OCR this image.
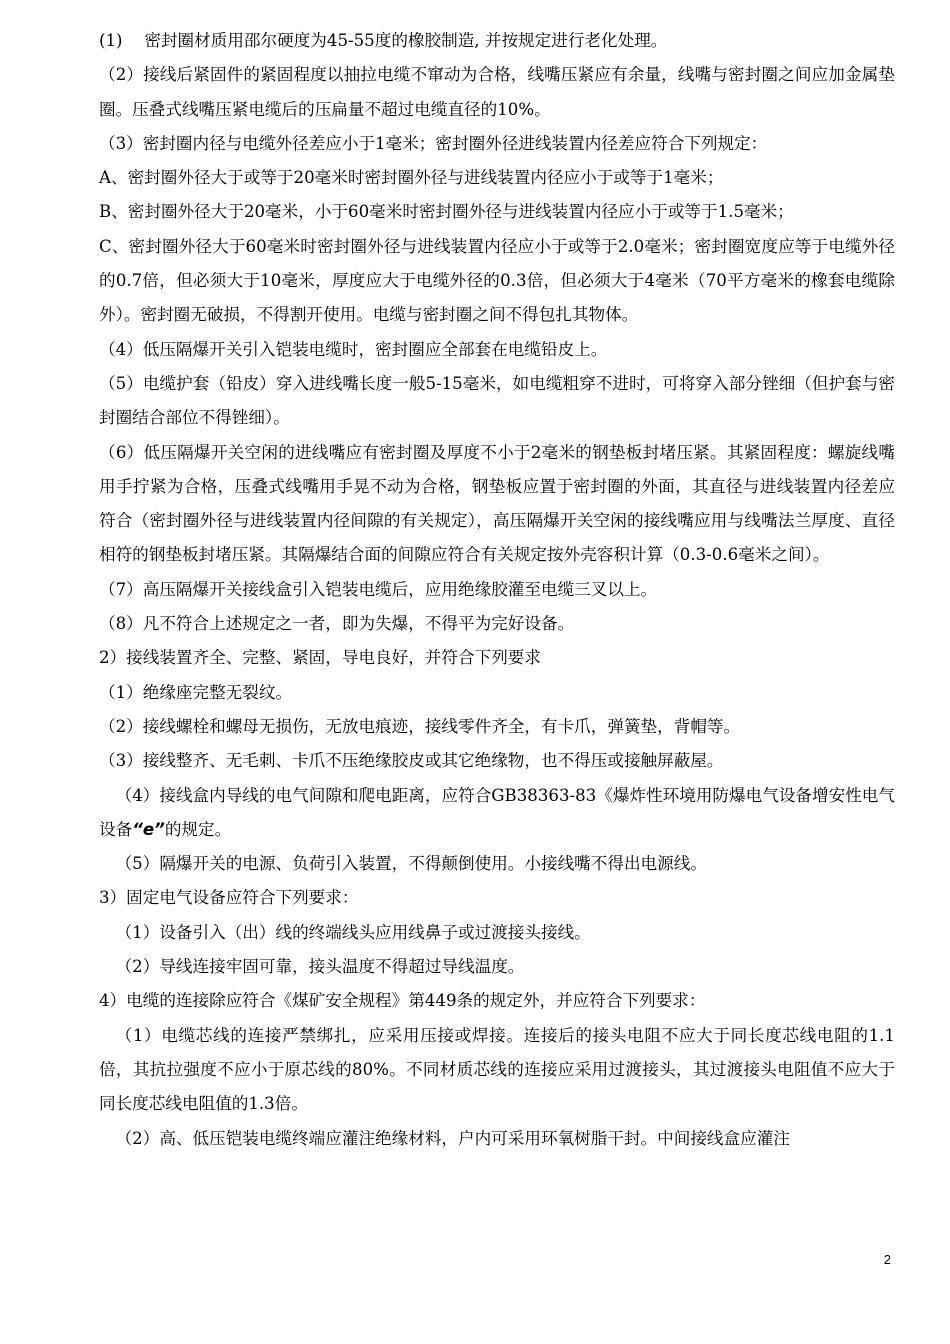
(1)　 密封圈材质用邵尔硬度为45-55度的橡胶制造, 并按规定进行老化处理。

（2）接线后紧固件的紧固程度以抽拉电缆不窜动为合格，线嘴压紧应有余量，线嘴与密封圈之间应加金属垫圈。压叠式线嘴压紧电缆后的压扁量不超过电缆直径的10%。

（3）密封圈内径与电缆外径差应小于1毫米；密封圈外径进线装置内径差应符合下列规定：

A、密封圈外径大于或等于20毫米时密封圈外径与进线装置内径应小于或等于1毫米；

B、密封圈外径大于20毫米，小于60毫米时密封圈外径与进线装置内径应小于或等于1.5毫米；

C、密封圈外径大于60毫米时密封圈外径与进线装置内径应小于或等于2.0毫米；密封圈宽度应等于电缆外径的0.7倍，但必须大于10毫米，厚度应大于电缆外径的0.3倍，但必须大于4毫米（70平方毫米的橡套电缆除外）。密封圈无破损，不得割开使用。电缆与密封圈之间不得包扎其物体。

（4）低压隔爆开关引入铠装电缆时，密封圈应全部套在电缆铅皮上。

（5）电缆护套（铅皮）穿入进线嘴长度一般5-15毫米，如电缆粗穿不进时，可将穿入部分锉细（但护套与密封圈结合部位不得锉细）。

（6）低压隔爆开关空闲的进线嘴应有密封圈及厚度不小于2毫米的钢垫板封堵压紧。其紧固程度：螺旋线嘴用手拧紧为合格，压叠式线嘴用手晃不动为合格，钢垫板应置于密封圈的外面，其直径与进线装置内径差应符合（密封圈外径与进线装置内径间隙的有关规定），高压隔爆开关空闲的接线嘴应用与线嘴法兰厚度、直径相符的钢垫板封堵压紧。其隔爆结合面的间隙应符合有关规定按外壳容积计算（0.3-0.6毫米之间）。

（7）高压隔爆开关接线盒引入铠装电缆后，应用绝缘胶灌至电缆三叉以上。

（8）凡不符合上述规定之一者，即为失爆，不得平为完好设备。

2）接线装置齐全、完整、紧固，导电良好，并符合下列要求

（1）绝缘座完整无裂纹。

（2）接线螺栓和螺母无损伤，无放电痕迹，接线零件齐全，有卡爪，弹簧垫，背帽等。

（3）接线整齐、无毛刺、卡爪不压绝缘胶皮或其它绝缘物，也不得压或接触屏蔽屋。

（4）接线盒内导线的电气间隙和爬电距离，应符合GB38363-83《爆炸性环境用防爆电气设备增安性电气设备“e”的规定。

（5）隔爆开关的电源、负荷引入装置，不得颠倒使用。小接线嘴不得出电源线。

3）固定电气设备应符合下列要求：

（1）设备引入（出）线的终端线头应用线鼻子或过渡接头接线。

（2）导线连接牢固可靠，接头温度不得超过导线温度。

4）电缆的连接除应符合《煤矿安全规程》第449条的规定外，并应符合下列要求：

（1）电缆芯线的连接严禁绑扎，应采用压接或焊接。连接后的接头电阻不应大于同长度芯线电阻的1.1倍，其抗拉强度不应小于原芯线的80%。不同材质芯线的连接应采用过渡接头，其过渡接头电阻值不应大于同长度芯线电阻值的1.3倍。

（2）高、低压铠装电缆终端应灌注绝缘材料，户内可采用环氧树脂干封。中间接线盒应灌注

2
